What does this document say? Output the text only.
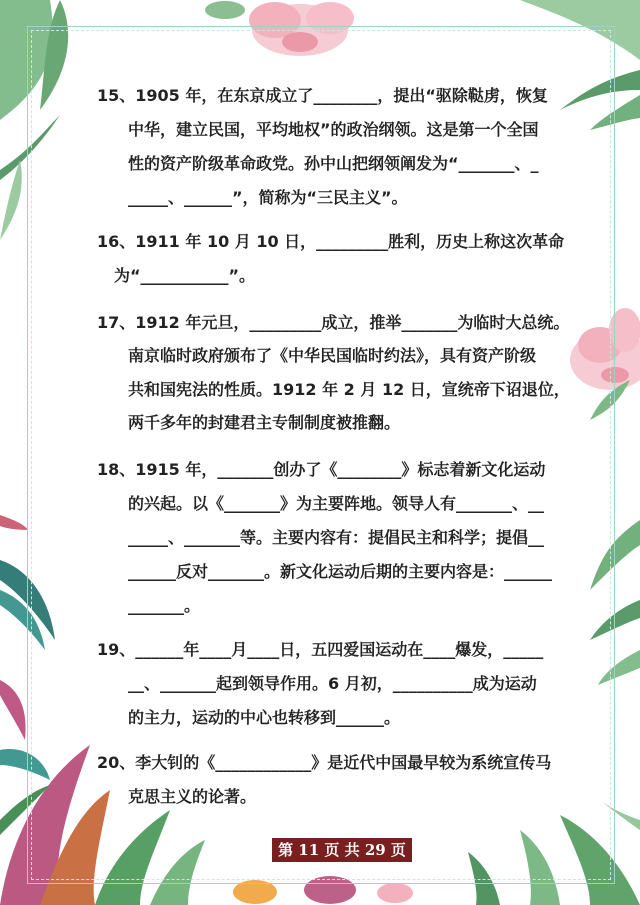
15、1905 年，在东京成立了________，提出“驱除鞑虏，恢复
中华，建立民国，平均地权”的政治纲领。这是第一个全国
性的资产阶级革命政党。孙中山把纲领阐发为“_______、_
_____、______”，简称为“三民主义”。
16、1911 年 10 月 10 日，_________胜利，历史上称这次革命
为“___________”。
17、1912 年元旦，_________成立，推举_______为临时大总统。
南京临时政府颁布了《中华民国临时约法》，具有资产阶级
共和国宪法的性质。1912 年 2 月 12 日，宣统帝下诏退位，
两千多年的封建君主专制制度被推翻。
18、1915 年，_______创办了《________》标志着新文化运动
的兴起。以《_______》为主要阵地。领导人有_______、__
_____、_______等。主要内容有：提倡民主和科学；提倡__
______反对_______。新文化运动后期的主要内容是：______
_______。
19、______年____月____日，五四爱国运动在____爆发，_____
__、_______起到领导作用。6 月初，__________成为运动
的主力，运动的中心也转移到______。
20、李大钊的《____________》是近代中国最早较为系统宣传马
克思主义的论著。
第 11 页 共 29 页
